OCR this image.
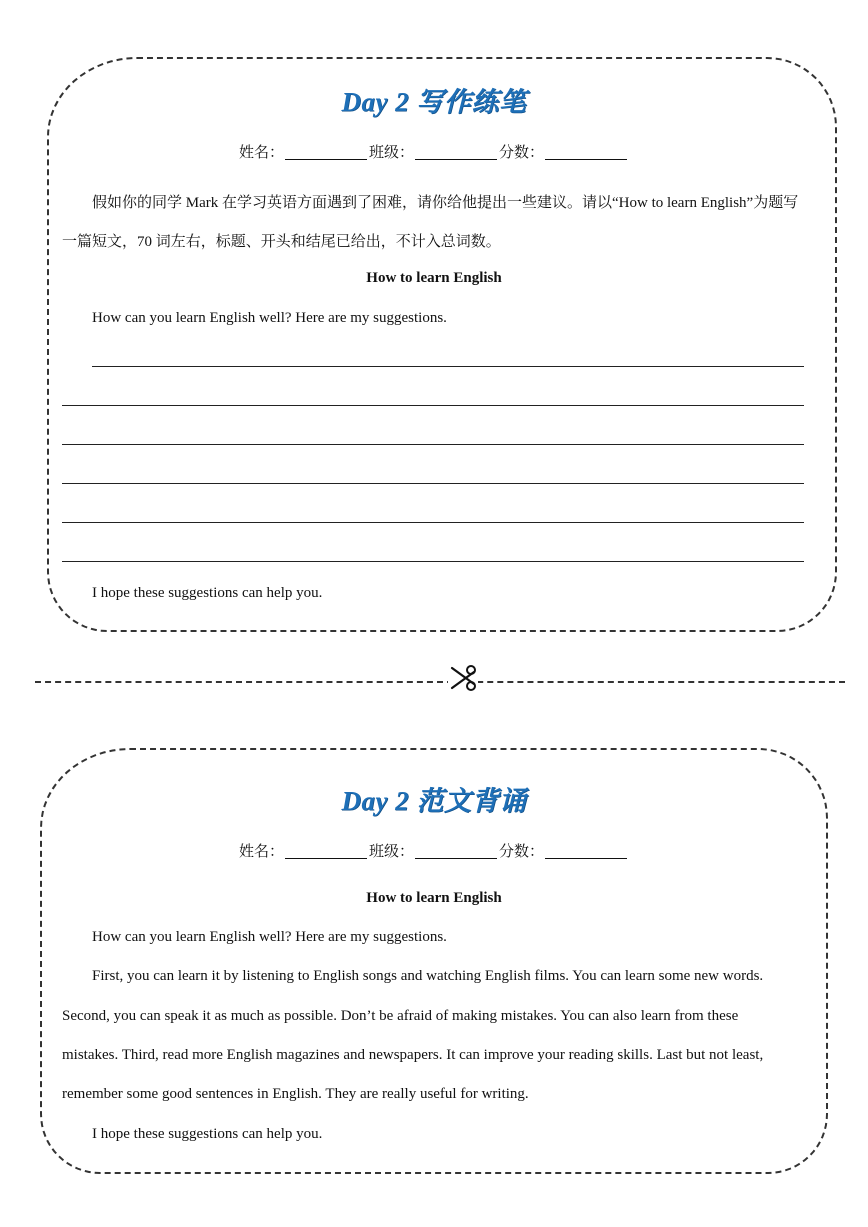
Day 2 写作练笔
姓名：	班级：	分数：
假如你的同学 Mark 在学习英语方面遇到了困难，请你给他提出一些建议。请以“How to learn English”为题写
一篇短文，70 词左右，标题、开头和结尾已给出，不计入总词数。
How to learn English
How can you learn English well? Here are my suggestions.
I hope these suggestions can help you.
Day 2 范文背诵
姓名：	班级：	分数：
How to learn English
How can you learn English well? Here are my suggestions.
First, you can learn it by listening to English songs and watching English films. You can learn some new words.
Second, you can speak it as much as possible. Don’t be afraid of making mistakes. You can also learn from these
mistakes. Third, read more English magazines and newspapers. It can improve your reading skills. Last but not least,
remember some good sentences in English. They are really useful for writing.
I hope these suggestions can help you.
